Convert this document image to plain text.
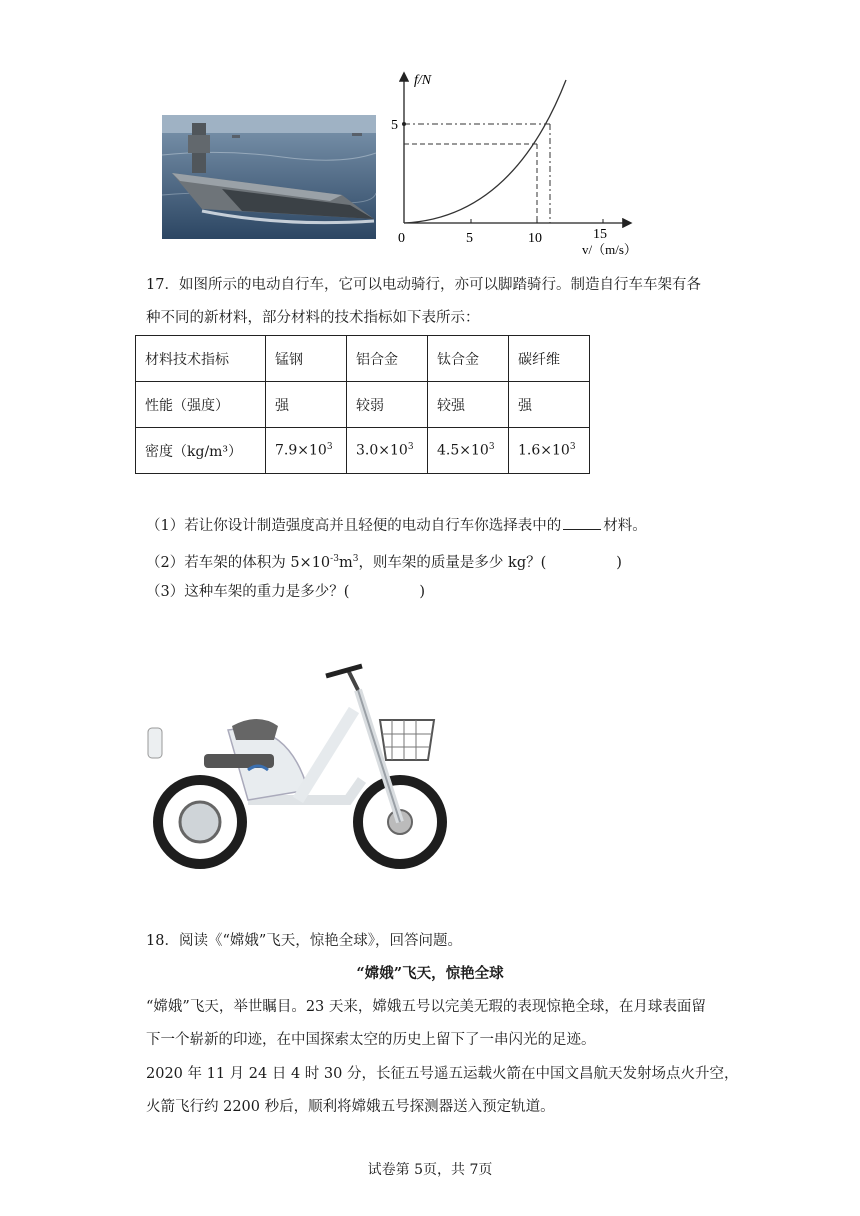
f/N
5
0	5	10	15
v/（m/s）
17．如图所示的电动自行车，它可以电动骑行，亦可以脚踏骑行。制造自行车车架有各
种不同的新材料，部分材料的技术指标如下表所示：
材料技术指标	锰钢	铝合金	钛合金	碳纤维
性能（强度）	强	较弱	较强	强
密度（kg/m³）	$7.9\times 10^3$	$3.0\times 10^3$	$4.5\times 10^3$	$1.6\times 10^3$
（1）若让你设计制造强度高并且轻便的电动自行车你选择表中的	材料。
（2）若车架的体积为 $5\times 10^{-3}m^3$，则车架的质量是多少 kg？(	)
（3）这种车架的重力是多少？(	)
18．阅读《“嫦娥”飞天，惊艳全球》，回答问题。
“嫦娥”飞天，惊艳全球
“嫦娥”飞天，举世瞩目。23 天来，嫦娥五号以完美无瑕的表现惊艳全球，在月球表面留
下一个崭新的印迹，在中国探索太空的历史上留下了一串闪光的足迹。
2020 年 11 月 24 日 4 时 30 分，长征五号遥五运载火箭在中国文昌航天发射场点火升空，
火箭飞行约 2200 秒后，顺利将嫦娥五号探测器送入预定轨道。
试卷第 5页，共 7页
